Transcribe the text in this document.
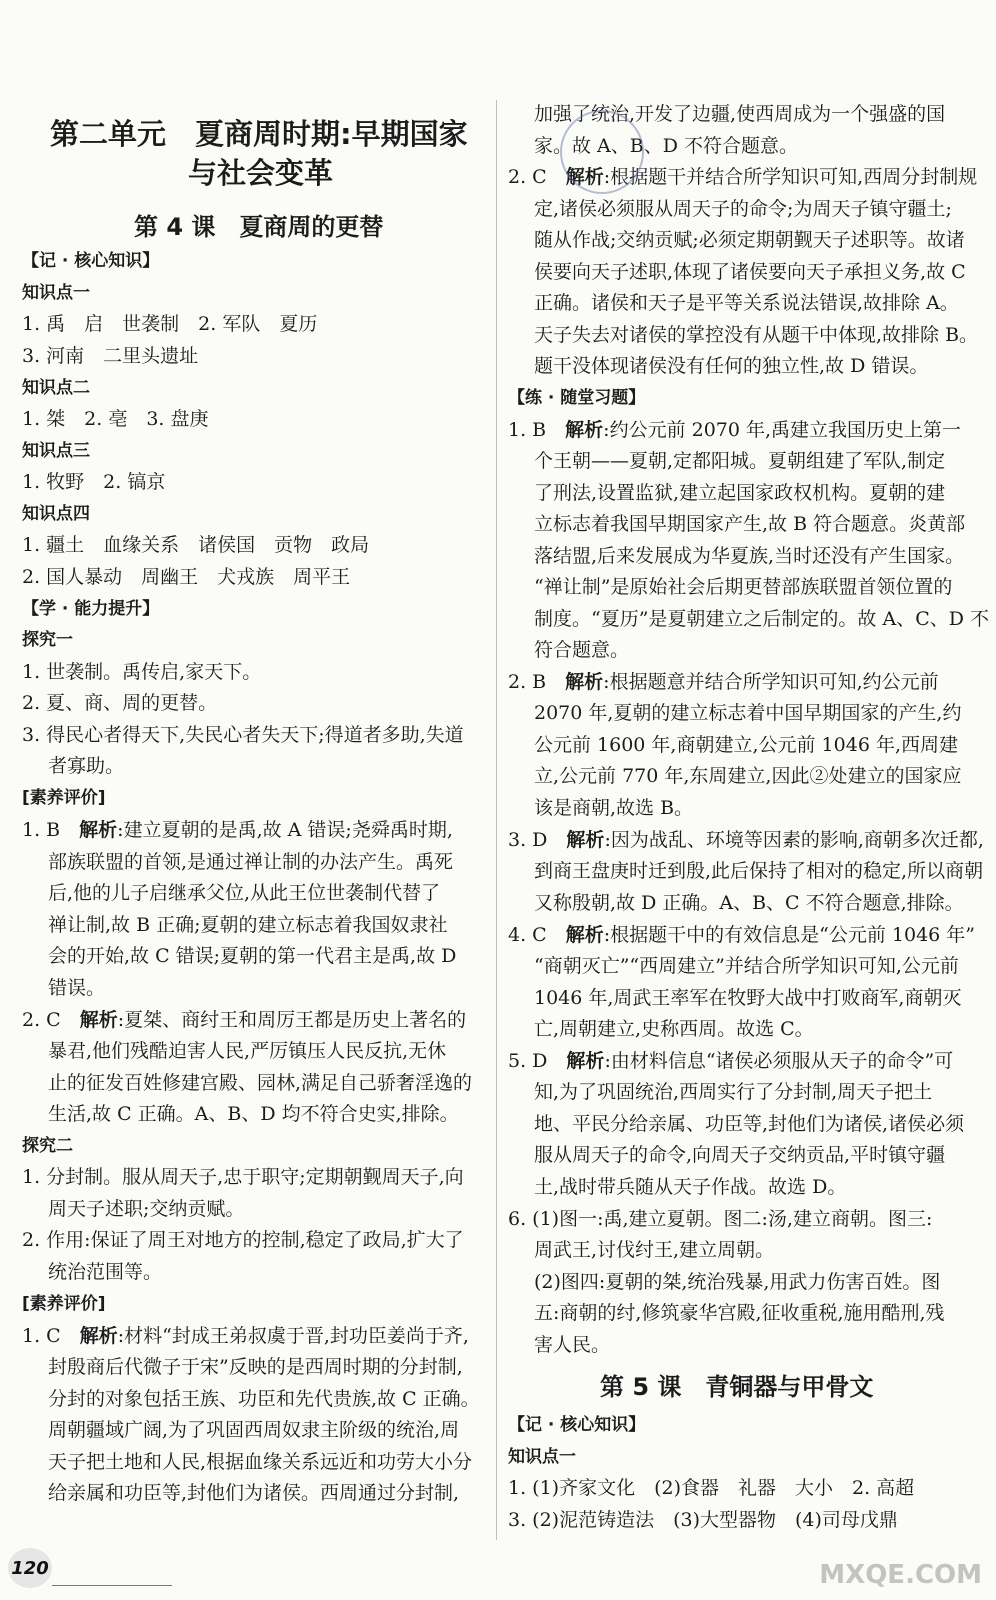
第二单元　夏商周时期:早期国家
与社会变革
第 4 课　夏商周的更替
【记 · 核心知识】
知识点一
1. 禹　启　世袭制　2. 军队　夏历
3. 河南　二里头遗址
知识点二
1. 桀　2. 亳　3. 盘庚
知识点三
1. 牧野　2. 镐京
知识点四
1. 疆土　血缘关系　诸侯国　贡物　政局
2. 国人暴动　周幽王　犬戎族　周平王
【学 · 能力提升】
探究一
1. 世袭制。禹传启,家天下。
2. 夏、商、周的更替。
3. 得民心者得天下,失民心者失天下;得道者多助,失道
者寡助。
[素养评价]
1. B　 解析:建立夏朝的是禹,故 A 错误;尧舜禹时期,
部族联盟的首领,是通过禅让制的办法产生。禹死
后,他的儿子启继承父位,从此王位世袭制代替了
禅让制,故 B 正确;夏朝的建立标志着我国奴隶社
会的开始,故 C 错误;夏朝的第一代君主是禹,故 D
错误。
2. C　 解析:夏桀、商纣王和周厉王都是历史上著名的
暴君,他们残酷迫害人民,严厉镇压人民反抗,无休
止的征发百姓修建宫殿、园林,满足自己骄奢淫逸的
生活,故 C 正确。A、B、D 均不符合史实,排除。
探究二
1. 分封制。服从周天子,忠于职守;定期朝觐周天子,向
周天子述职;交纳贡赋。
2. 作用:保证了周王对地方的控制,稳定了政局,扩大了
统治范围等。
[素养评价]
1. C　 解析:材料“封成王弟叔虞于晋,封功臣姜尚于齐,
封殷商后代微子于宋”反映的是西周时期的分封制,
分封的对象包括王族、功臣和先代贵族,故 C 正确。
周朝疆域广阔,为了巩固西周奴隶主阶级的统治,周
天子把土地和人民,根据血缘关系远近和功劳大小分
给亲属和功臣等,封他们为诸侯。西周通过分封制,
加强了统治,开发了边疆,使西周成为一个强盛的国
家。故 A、B、D 不符合题意。
2. C　 解析:根据题干并结合所学知识可知,西周分封制规
定,诸侯必须服从周天子的命令;为周天子镇守疆土;
随从作战;交纳贡赋;必须定期朝觐天子述职等。故诸
侯要向天子述职,体现了诸侯要向天子承担义务,故 C
正确。诸侯和天子是平等关系说法错误,故排除 A。
天子失去对诸侯的掌控没有从题干中体现,故排除 B。
题干没体现诸侯没有任何的独立性,故 D 错误。
【练 · 随堂习题】
1. B　 解析:约公元前 2070 年,禹建立我国历史上第一
个王朝——夏朝,定都阳城。夏朝组建了军队,制定
了刑法,设置监狱,建立起国家政权机构。夏朝的建
立标志着我国早期国家产生,故 B 符合题意。炎黄部
落结盟,后来发展成为华夏族,当时还没有产生国家。
“禅让制”是原始社会后期更替部族联盟首领位置的
制度。“夏历”是夏朝建立之后制定的。故 A、C、D 不
符合题意。
2. B　 解析:根据题意并结合所学知识可知,约公元前
2070 年,夏朝的建立标志着中国早期国家的产生,约
公元前 1600 年,商朝建立,公元前 1046 年,西周建
立,公元前 770 年,东周建立,因此②处建立的国家应
该是商朝,故选 B。
3. D　 解析:因为战乱、环境等因素的影响,商朝多次迁都,
到商王盘庚时迁到殷,此后保持了相对的稳定,所以商朝
又称殷朝,故 D 正确。A、B、C 不符合题意,排除。
4. C　 解析:根据题干中的有效信息是“公元前 1046 年”
“商朝灭亡”“西周建立”并结合所学知识可知,公元前
1046 年,周武王率军在牧野大战中打败商军,商朝灭
亡,周朝建立,史称西周。故选 C。
5. D　 解析:由材料信息“诸侯必须服从天子的命令”可
知,为了巩固统治,西周实行了分封制,周天子把土
地、平民分给亲属、功臣等,封他们为诸侯,诸侯必须
服从周天子的命令,向周天子交纳贡品,平时镇守疆
土,战时带兵随从天子作战。故选 D。
6. (1)图一:禹,建立夏朝。图二:汤,建立商朝。图三:
周武王,讨伐纣王,建立周朝。
(2)图四:夏朝的桀,统治残暴,用武力伤害百姓。图
五:商朝的纣,修筑豪华宫殿,征收重税,施用酷刑,残
害人民。
第 5 课　青铜器与甲骨文
【记 · 核心知识】
知识点一
1. (1)齐家文化　(2)食器　礼器　大小　2. 高超
3. (2)泥范铸造法　(3)大型器物　(4)司母戊鼎
120	MXQE.COM
